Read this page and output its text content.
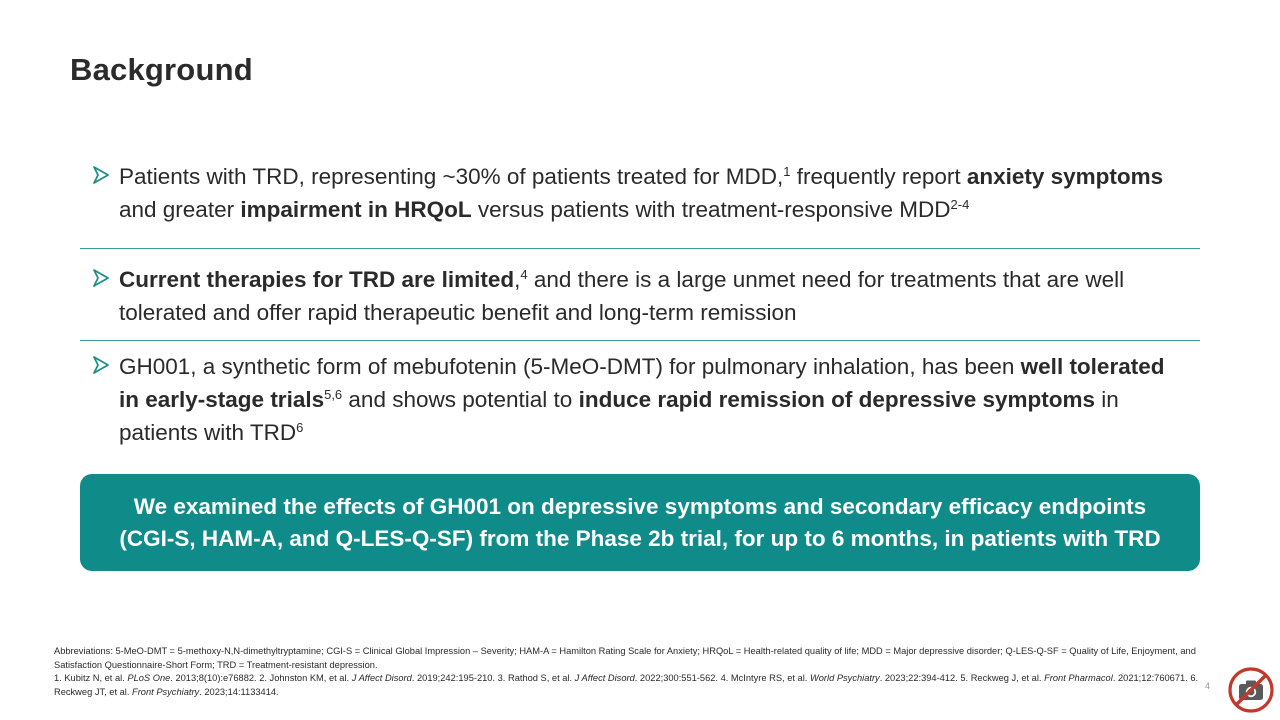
Background
Patients with TRD, representing ~30% of patients treated for MDD,$^1$ frequently report anxiety symptoms and greater impairment in HRQoL versus patients with treatment-responsive MDD$^{2-4}$
Current therapies for TRD are limited,$^4$ and there is a large unmet need for treatments that are well tolerated and offer rapid therapeutic benefit and long-term remission
GH001, a synthetic form of mebufotenin (5-MeO-DMT) for pulmonary inhalation, has been well tolerated in early-stage trials$^{5,6}$ and shows potential to induce rapid remission of depressive symptoms in patients with TRD$^6$
We examined the effects of GH001 on depressive symptoms and secondary efficacy endpoints
(CGI-S, HAM-A, and Q-LES-Q-SF) from the Phase 2b trial, for up to 6 months, in patients with TRD
Abbreviations: 5-MeO-DMT = 5-methoxy-N,N-dimethyltryptamine; CGI-S = Clinical Global Impression – Severity; HAM-A = Hamilton Rating Scale for Anxiety; HRQoL = Health-related quality of life; MDD = Major depressive disorder; Q-LES-Q-SF = Quality of Life, Enjoyment, and Satisfaction Questionnaire-Short Form; TRD = Treatment-resistant depression.
1. Kubitz N, et al. PLoS One. 2013;8(10):e76882. 2. Johnston KM, et al. J Affect Disord. 2019;242:195-210. 3. Rathod S, et al. J Affect Disord. 2022;300:551-562. 4. McIntyre RS, et al. World Psychiatry. 2023;22:394-412. 5. Reckweg J, et al. Front Pharmacol. 2021;12:760671. 6. Reckweg JT, et al. Front Psychiatry. 2023;14:1133414.
4
